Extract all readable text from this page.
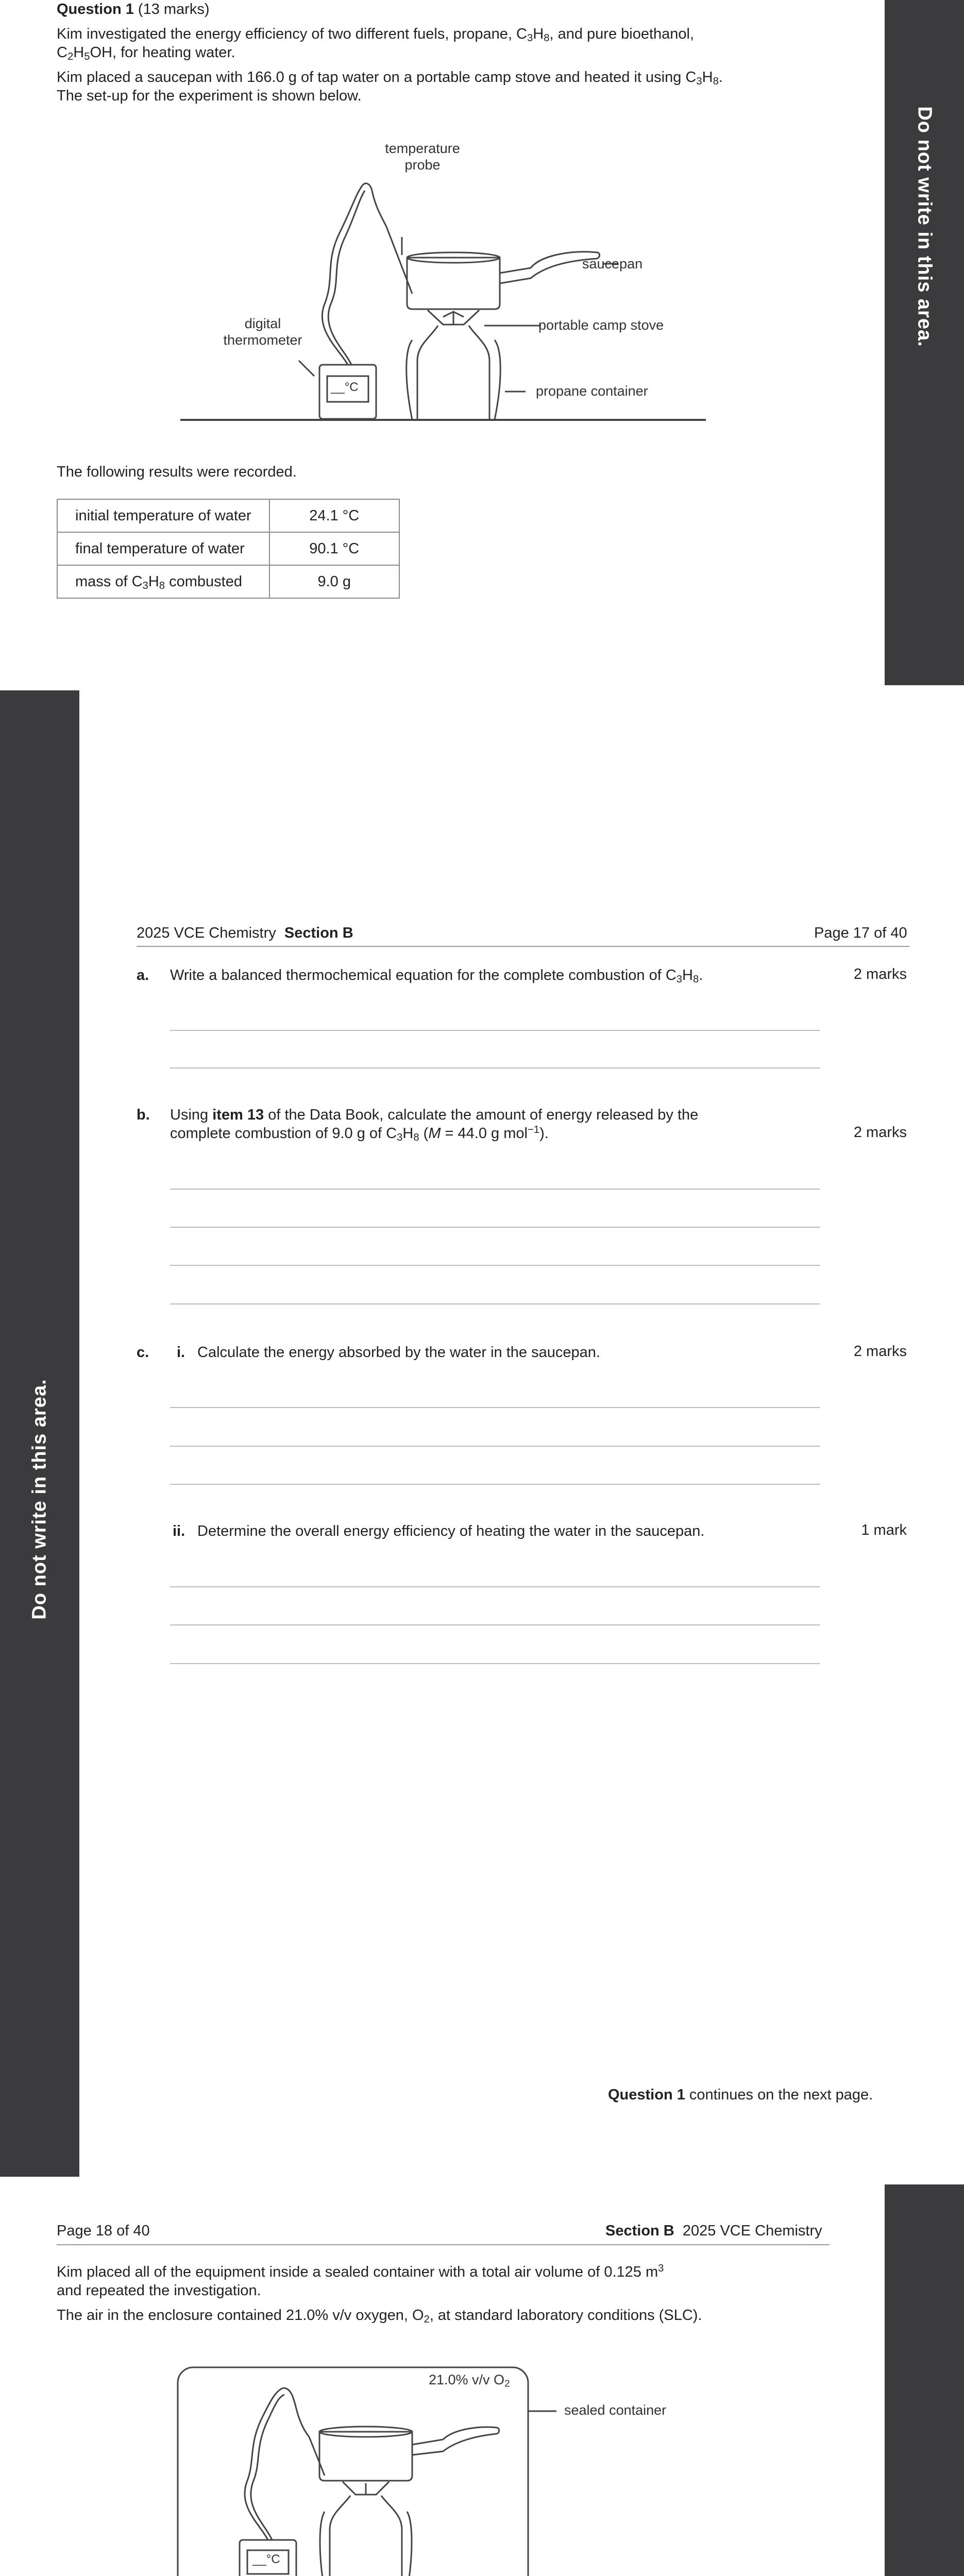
Do not write in this area.
Do not write in this area.
Question 1 (13 marks)
Kim investigated the energy efficiency of two different fuels, propane, $C_3H_8$, and pure bioethanol,
$C_2H_5OH$, for heating water.
Kim placed a saucepan with 166.0 g of tap water on a portable camp stove and heated it using $C_3H_8$.
The set-up for the experiment is shown below.
temperature
probe
digital
thermometer
__°C
saucepan
portable camp stove
propane container
The following results were recorded.
initial temperature of water	24.1 °C
final temperature of water	90.1 °C
mass of $C_3H_8$ combusted	9.0 g
2025 VCE Chemistry Section B	Page 17 of 40
a. Write a balanced thermochemical equation for the complete combustion of $C_3H_8$.	2 marks
b. Using item 13 of the Data Book, calculate the amount of energy released by the
complete combustion of 9.0 g of $C_3H_8$ (M = 44.0 g mol$^{-1}$).	2 marks
c. i. Calculate the energy absorbed by the water in the saucepan.	2 marks
ii. Determine the overall energy efficiency of heating the water in the saucepan.	1 mark
Question 1 continues on the next page.
Page 18 of 40	Section B 2025 VCE Chemistry
Kim placed all of the equipment inside a sealed container with a total air volume of 0.125 $m^3$
and repeated the investigation.
The air in the enclosure contained 21.0% v/v oxygen, $O_2$, at standard laboratory conditions (SLC).
21.0% v/v $O_2$
sealed container
__°C
